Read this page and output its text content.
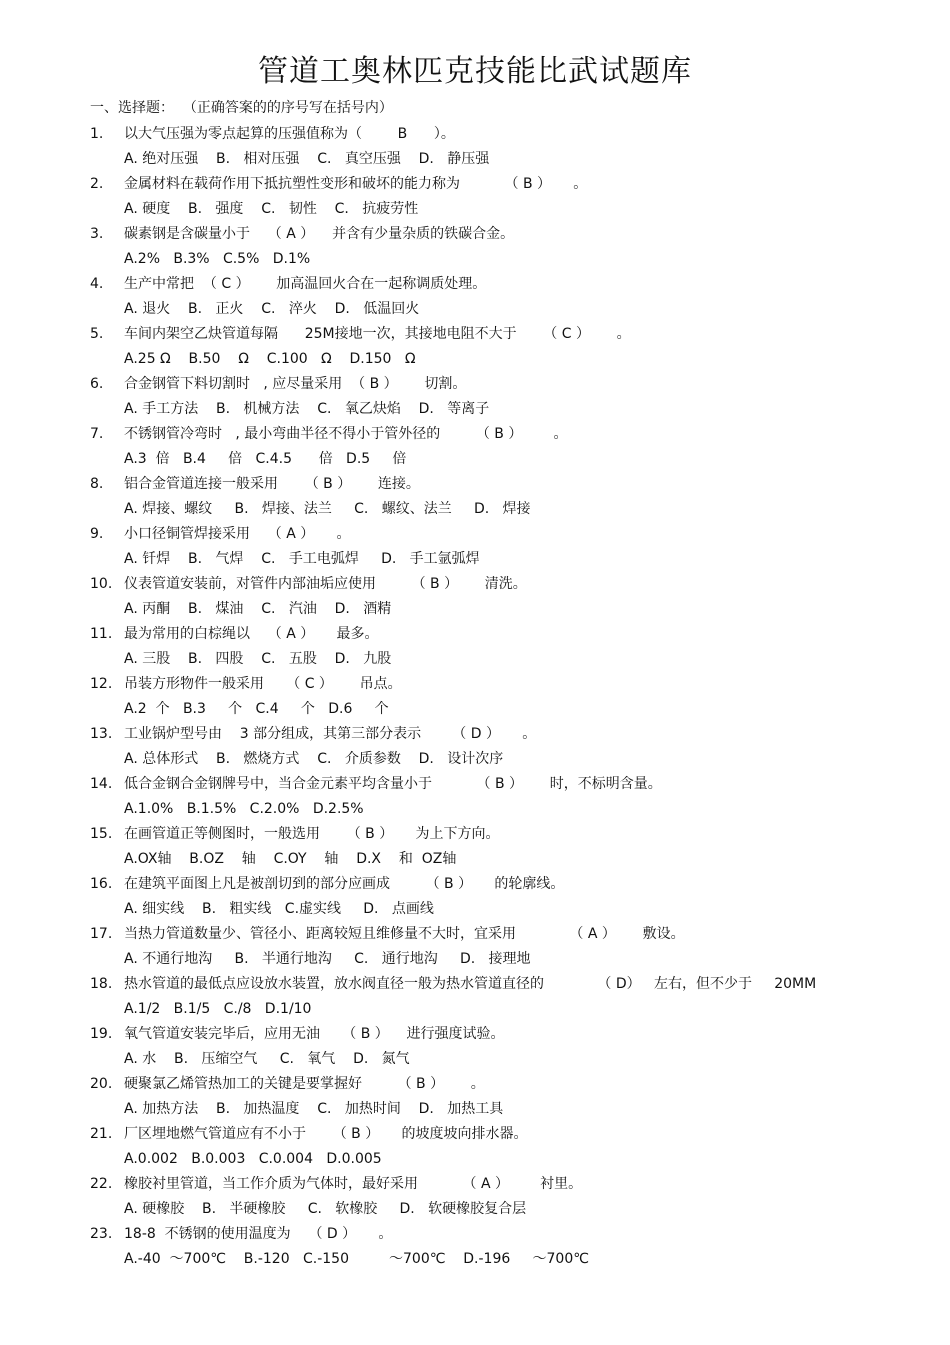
管道工奥林匹克技能比武试题库
一、选择题：  （正确答案的的序号写在括号内）
1. 以大气压强为零点起算的压强值称为（        B      ）。
A. 绝对压强    B.   相对压强    C.   真空压强    D.   静压强
2. 金属材料在载荷作用下抵抗塑性变形和破坏的能力称为          （ B ）     。
A. 硬度    B.   强度    C.   韧性    C.   抗疲劳性
3. 碳素钢是含碳量小于    （ A ）    并含有少量杂质的铁碳合金。
A.2%   B.3%   C.5%   D.1%
4. 生产中常把  （ C ）      加高温回火合在一起称调质处理。
A. 退火    B.   正火    C.   淬火    D.   低温回火
5. 车间内架空乙炔管道每隔      25M接地一次，其接地电阻不大于      （ C ）      。
A.25 Ω    B.50    Ω    C.100   Ω    D.150   Ω
6. 合金钢管下料切割时   , 应尽量采用  （ B ）      切割。
A. 手工方法    B.   机械方法    C.   氧乙炔焰    D.   等离子
7. 不锈钢管冷弯时   , 最小弯曲半径不得小于管外径的        （ B ）       。
A.3  倍   B.4     倍   C.4.5      倍   D.5     倍
8. 铝合金管道连接一般采用      （ B ）      连接。
A. 焊接、螺纹     B.   焊接、法兰     C.   螺纹、法兰     D.   焊接
9. 小口径铜管焊接采用    （ A ）     。
A. 钎焊    B.   气焊    C.   手工电弧焊     D.   手工氩弧焊
10. 仪表管道安装前，对管件内部油垢应使用        （ B ）      清洗。
A. 丙酮    B.   煤油    C.   汽油    D.   酒精
11. 最为常用的白棕绳以    （ A ）     最多。
A. 三股    B.   四股    C.   五股    D.   九股
12. 吊装方形物件一般采用     （ C ）      吊点。
A.2  个   B.3     个   C.4     个   D.6     个
13. 工业锅炉型号由    3 部分组成，其第三部分表示       （ D ）     。
A. 总体形式    B.   燃烧方式    C.   介质参数    D.   设计次序
14. 低合金钢合金钢牌号中，当合金元素平均含量小于          （ B ）      时，不标明含量。
A.1.0%   B.1.5%   C.2.0%   D.2.5%
15. 在画管道正等侧图时，一般选用      （ B ）     为上下方向。
A.OX轴    B.OZ    轴    C.OY    轴    D.X    和  OZ轴
16. 在建筑平面图上凡是被剖切到的部分应画成        （ B ）     的轮廓线。
A. 细实线    B.   粗实线   C.虚实线     D.   点画线
17. 当热力管道数量少、管径小、距离较短且维修量不大时，宜采用            （ A ）      敷设。
A. 不通行地沟     B.   半通行地沟     C.   通行地沟     D.   接理地
18. 热水管道的最低点应设放水装置，放水阀直径一般为热水管道直径的            （ D）   左右，但不少于     20MM
A.1/2   B.1/5   C./8   D.1/10
19. 氧气管道安装完毕后，应用无油     （ B ）    进行强度试验。
A. 水    B.   压缩空气     C.   氧气    D.   氮气
20. 硬聚氯乙烯管热加工的关键是要掌握好        （ B ）      。
A. 加热方法    B.   加热温度    C.   加热时间    D.   加热工具
21. 厂区埋地燃气管道应有不小于      （ B ）     的坡度坡向排水器。
A.0.002   B.0.003   C.0.004   D.0.005
22. 橡胶衬里管道，当工作介质为气体时，最好采用          （ A ）       衬里。
A. 硬橡胶    B.   半硬橡胶     C.   软橡胶     D.   软硬橡胶复合层
23. 18-8  不锈钢的使用温度为    （ D ）     。
A.-40  ～700℃    B.-120   C.-150         ～700℃    D.-196     ～700℃
